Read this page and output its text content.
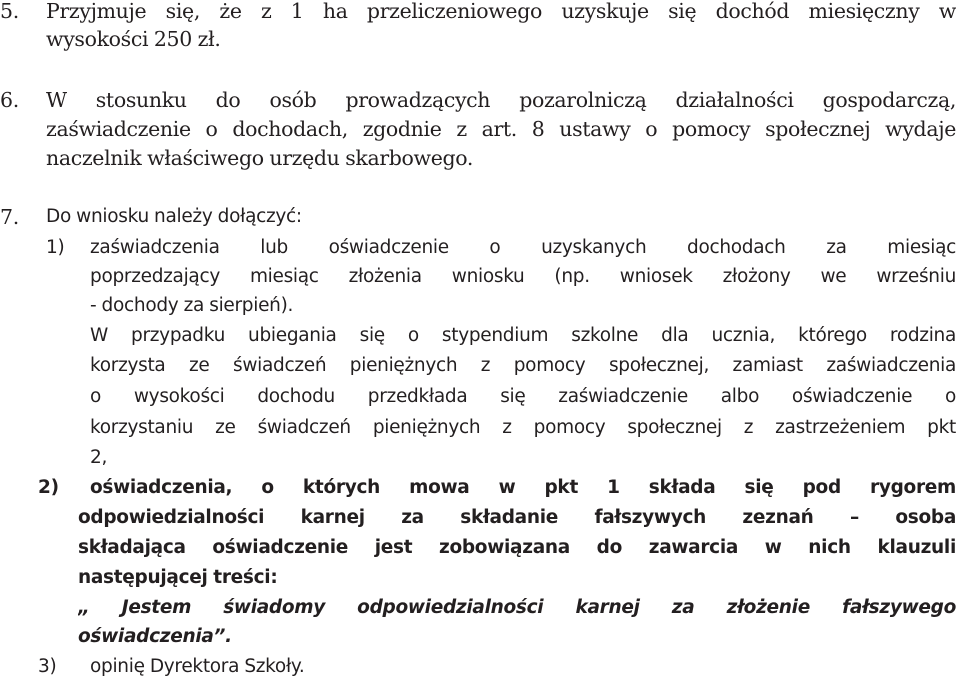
5. Przyjmuje się, że z 1 ha przeliczeniowego uzyskuje się dochód miesięczny w
wysokości 250 zł.
6. W stosunku do osób prowadzących pozarolniczą działalności gospodarczą,
zaświadczenie o dochodach, zgodnie z art. 8 ustawy o pomocy społecznej wydaje
naczelnik właściwego urzędu skarbowego.
7. Do wniosku należy dołączyć:
1) zaświadczenia lub oświadczenie o uzyskanych dochodach za miesiąc
poprzedzający miesiąc złożenia wniosku (np. wniosek złożony we wrześniu
- dochody za sierpień).
W przypadku ubiegania się o stypendium szkolne dla ucznia, którego rodzina
korzysta ze świadczeń pieniężnych z pomocy społecznej, zamiast zaświadczenia
o wysokości dochodu przedkłada się zaświadczenie albo oświadczenie o
korzystaniu ze świadczeń pieniężnych z pomocy społecznej z zastrzeżeniem pkt
2,
2) oświadczenia, o których mowa w pkt 1 składa się pod rygorem
odpowiedzialności karnej za składanie fałszywych zeznań – osoba
składająca oświadczenie jest zobowiązana do zawarcia w nich klauzuli
następującej treści:
„ Jestem świadomy odpowiedzialności karnej za złożenie fałszywego
oświadczenia”.
3) opinię Dyrektora Szkoły.
